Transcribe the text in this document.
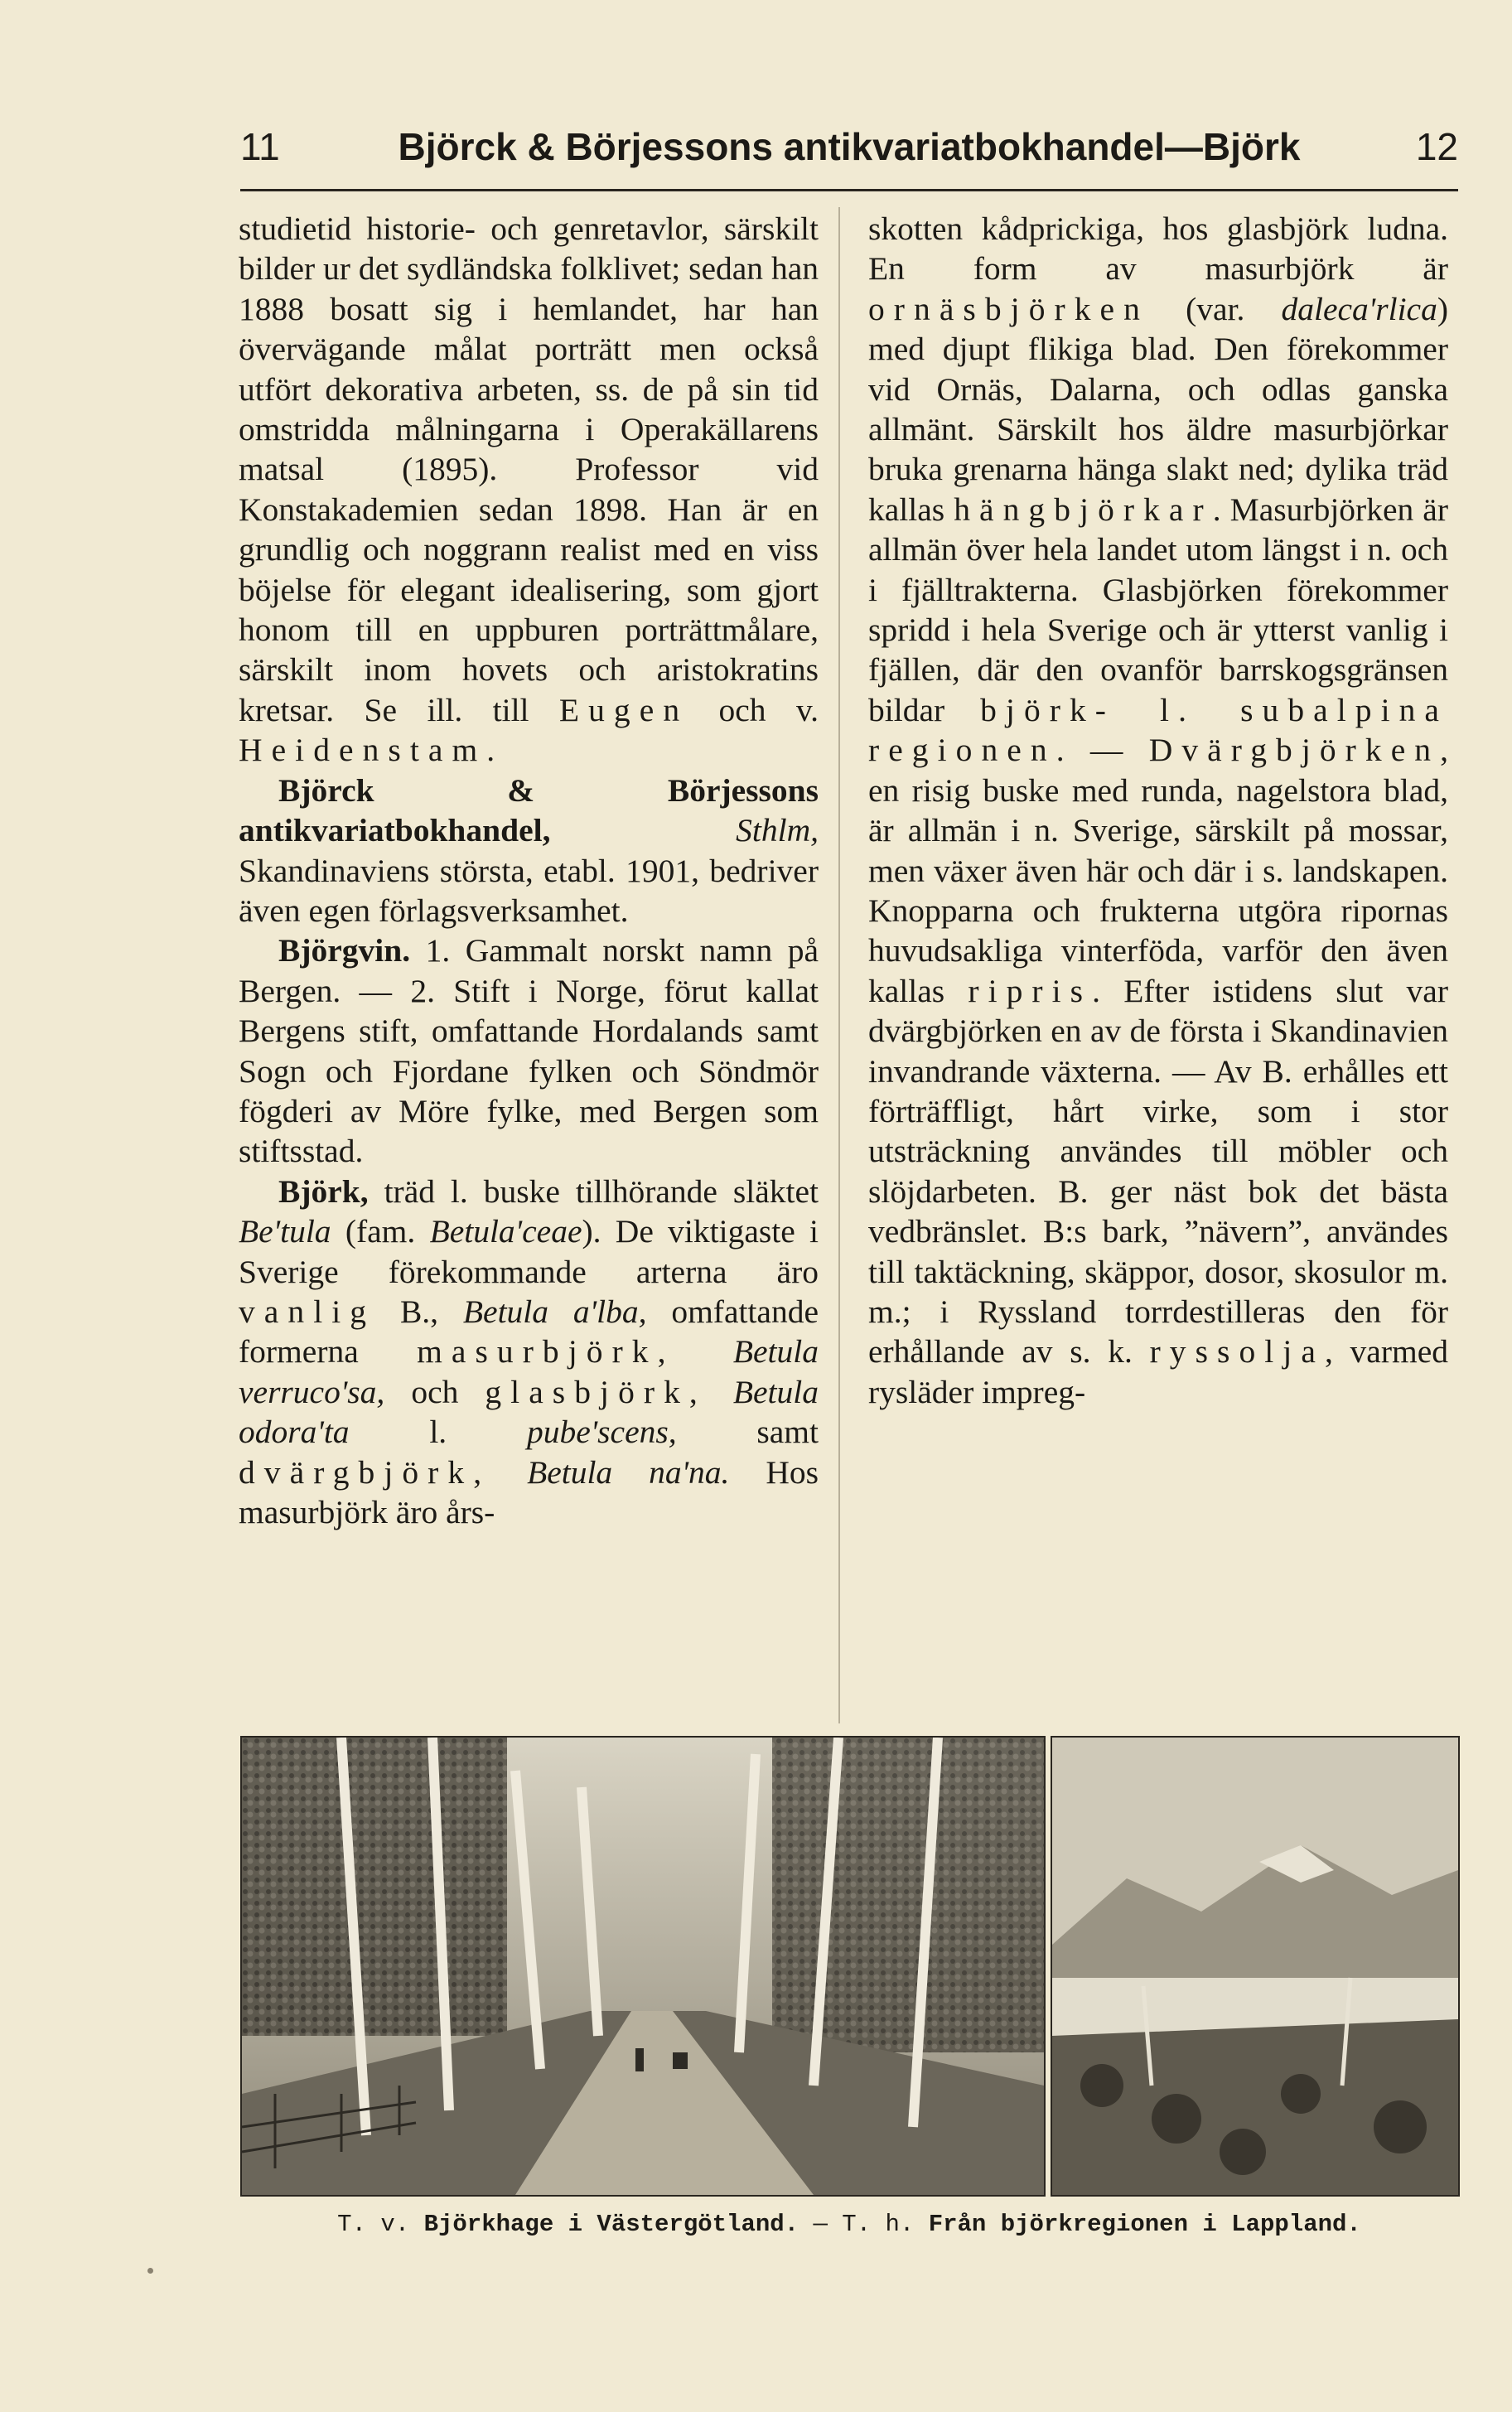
11	Björck & Börjessons antikvariatbokhandel—Björk	12

studietid historie- och genretavlor, särskilt bilder ur det sydländska folklivet; sedan han 1888 bosatt sig i hemlandet, har han övervägande målat porträtt men också utfört dekorativa arbeten, ss. de på sin tid omstridda målningarna i Operakällarens matsal (1895). Professor vid Konstakademien sedan 1898. Han är en grundlig och noggrann realist med en viss böjelse för elegant idealisering, som gjort honom till en uppburen porträttmålare, särskilt inom hovets och aristokratins kretsar. Se ill. till Eugen och v. Heidenstam.

Björck & Börjessons antikvariatbokhandel,	Sthlm, Skandinaviens största, etabl. 1901, bedriver även egen förlagsverksamhet.

Björgvin. 1. Gammalt norskt namn på Bergen. — 2. Stift i Norge, förut kallat Bergens stift, omfattande Hordalands samt Sogn och Fjordane fylken och Söndmör fögderi av Möre fylke, med Bergen som stiftsstad.

Björk, träd l. buske tillhörande släktet Be'tula (fam. Betula'ceae). De viktigaste i Sverige förekommande arterna äro vanlig B., Betula a'lba, omfattande formerna masurbjörk, Betula verruco'sa, och glasbjörk, Betula odora'ta l. pube'scens, samt dvärgbjörk, Betula na'na. Hos masurbjörk äro års-

skotten kådprickiga, hos glasbjörk ludna. En form av masurbjörk är ornäsbjörken (var. daleca'rlica) med djupt flikiga blad. Den förekommer vid Ornäs, Dalarna, och odlas ganska allmänt. Särskilt hos äldre masurbjörkar bruka grenarna hänga slakt ned; dylika träd kallas hängbjörkar. Masurbjörken är allmän över hela landet utom längst i n. och i fjälltrakterna. Glasbjörken förekommer spridd i hela Sverige och är ytterst vanlig i fjällen, där den ovanför barrskogsgränsen bildar björk- l. subalpina regionen. — Dvärgbjörken, en risig buske med runda, nagelstora blad, är allmän i n. Sverige, särskilt på mossar, men växer även här och där i s. landskapen. Knopparna och frukterna utgöra ripornas huvudsakliga vinterföda, varför den även kallas ripris. Efter istidens slut var dvärgbjörken en av de första i Skandinavien invandrande växterna. — Av B. erhålles ett förträffligt, hårt virke, som i stor utsträckning användes till möbler och slöjdarbeten. B. ger näst bok det bästa vedbränslet. B:s bark, ”nävern”, användes till taktäckning, skäppor, dosor, skosulor m. m.; i Ryssland torrdestilleras den för erhållande av s. k. ryssolja, varmed rysläder impreg-

T. v. Björkhage i Västergötland. — T. h. Från björkregionen i Lappland.
